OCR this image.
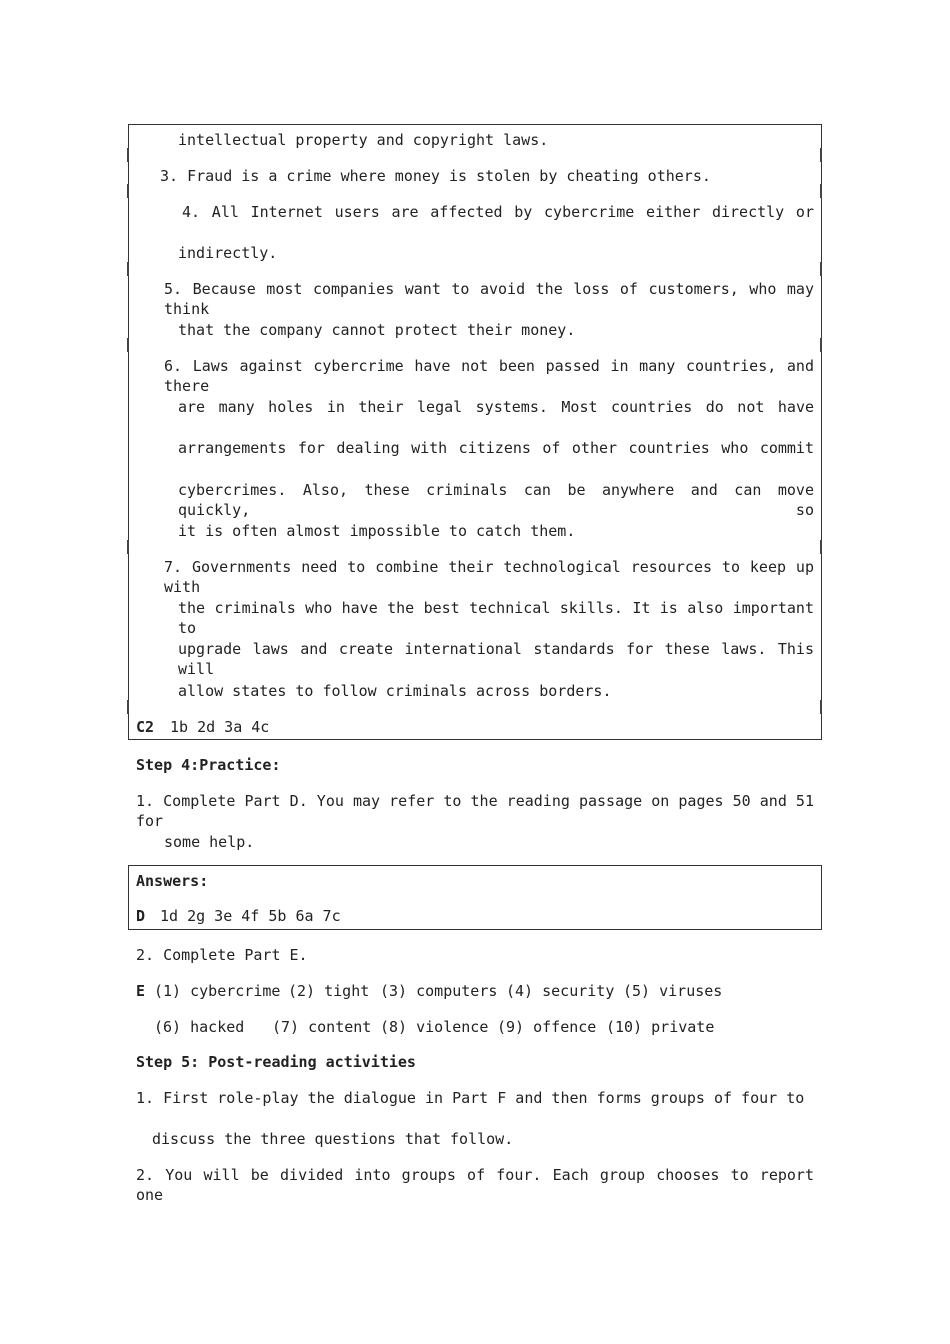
intellectual property and copyright laws.
3. Fraud is a crime where money is stolen by cheating others.
4. All Internet users are affected by cybercrime either directly or
indirectly.
5. Because most companies want to avoid the loss of customers, who may think
that the company cannot protect their money.
6. Laws against cybercrime have not been passed in many countries, and there
are many holes in their legal systems. Most countries do not have
arrangements for dealing with citizens of other countries who commit
cybercrimes. Also, these criminals can be anywhere and can move quickly, so
it is often almost impossible to catch them.
7. Governments need to combine their technological resources to keep up with
the criminals who have the best technical skills. It is also important to
upgrade laws and create international standards for these laws. This will
allow states to follow criminals across borders.
C2 1b 2d 3a 4c
Step 4:Practice:
1. Complete Part D. You may refer to the reading passage on pages 50 and 51 for
some help.
Answers:
D 1d 2g 3e 4f 5b 6a 7c
2. Complete Part E.
E (1) cybercrime (2) tight (3) computers (4) security (5) viruses
(6) hacked (7) content (8) violence (9) offence (10) private
Step 5: Post-reading activities
1. First role-play the dialogue in Part F and then forms groups of four to
discuss the three questions that follow.
2. You will be divided into groups of four. Each group chooses to report one
